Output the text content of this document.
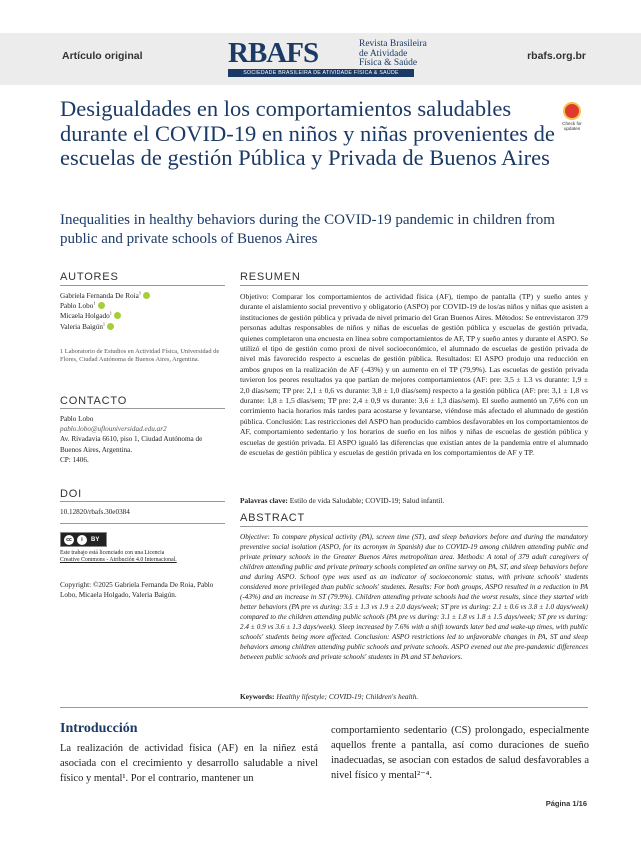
Artículo original	rbafs.org.br
RBAFS	Revista Brasileira de Atividade Física & Saúde
SOCIEDADE BRASILEIRA DE ATIVIDADE FÍSICA & SAÚDE
Desigualdades en los comportamientos saludables durante el COVID-19 en niños y niñas provenientes de escuelas de gestión Pública y Privada de Buenos Aires
Check for updates
Inequalities in healthy behaviors during the COVID-19 pandemic in children from public and private schools of Buenos Aires
AUTORES
Gabriela Fernanda De Roia$^1$
Pablo Lobo$^1$
Micaela Holgado$^1$
Valeria Baigún$^1$
1 Laboratorio de Estudios en Actividad Física, Universidad de Flores, Ciudad Autónoma de Buenos Aires, Argentina.
CONTACTO
Pablo Lobo
pablo.lobo@uflouniversidad.edu.ar2
Av. Rivadavia 6610, piso 1, Ciudad Autónoma de Buenos Aires, Argentina.
CP: 1406.
DOI
10.12820/rbafs.30e0384
cc	i	BY
Este trabajo está licenciado con una Licencia
Creative Commons - Atribución 4.0 Internacional.
Copyright: ©2025 Gabriela Fernanda De Roia, Pablo Lobo, Micaela Holgado, Valeria Baigún.
RESUMEN
Objetivo: Comparar los comportamientos de actividad física (AF), tiempo de pantalla (TP) y sueño antes y durante el aislamiento social preventivo y obligatorio (ASPO) por COVID-19 de los/as niños y niñas que asisten a instituciones de gestión pública y privada de nivel primario del Gran Buenos Aires. Métodos: Se entrevistaron 379 personas adultas responsables de niños y niñas de escuelas de gestión pública y escuelas de gestión privada, quienes completaron una encuesta en línea sobre comportamientos de AF, TP y sueño antes y durante el ASPO. Se utilizó el tipo de gestión como proxi de nivel socioeconómico, el alumnado de escuelas de gestión privada de nivel más favorecido respecto a escuelas de gestión pública. Resultados: El ASPO produjo una reducción en ambos grupos en la realización de AF (-43%) y un aumento en el TP (79,9%). Las escuelas de gestión privada tuvieron los peores resultados ya que partían de mejores comportamientos (AF: pre: 3,5 ± 1.3 vs durante: 1,9 ± 2,0 días/sem; TP pre: 2,1 ± 0,6 vs durante: 3,8 ± 1,0 días/sem) respecto a la gestión pública (AF: pre: 3,1 ± 1,8 vs durante: 1,8 ± 1,5 días/sem; TP pre: 2,4 ± 0,9 vs durante: 3,6 ± 1,3 días/sem). El sueño aumentó un 7,6% con un corrimiento hacia horarios más tardes para acostarse y levantarse, viéndose más afectado el alumnado de gestión pública. Conclusión: Las restricciones del ASPO han producido cambios desfavorables en los comportamientos de AF, comportamiento sedentario y los horarios de sueño en los niños y niñas de escuelas de gestión pública y escuelas de gestión privada. El ASPO igualó las diferencias que existían antes de la pandemia entre el alumnado de escuelas de gestión pública y escuelas de gestión privada en los comportamientos de AF y TP.
Palavras clave: Estilo de vida Saludable; COVID-19; Salud infantil.
ABSTRACT
Objective: To compare physical activity (PA), screen time (ST), and sleep behaviors before and during the mandatory preventive social isolation (ASPO, for its acronym in Spanish) due to COVID-19 among children attending public and private primary schools in the Greater Buenos Aires metropolitan area. Methods: A total of 379 adult caregivers of children attending public and private primary schools completed an online survey on PA, ST, and sleep behaviors before and during ASPO. School type was used as an indicator of socioeconomic status, with private schools' students considered more privileged than public schools' students. Results: For both groups, ASPO resulted in a reduction in PA (-43%) and an increase in ST (79.9%). Children attending private schools had the worst results, since they started with better behaviors (PA pre vs during: 3.5 ± 1.3 vs 1.9 ± 2.0 days/week; ST pre vs during: 2.1 ± 0.6 vs 3.8 ± 1.0 days/week) compared to the children attending public schools (PA pre vs during: 3.1 ± 1.8 vs 1.8 ± 1.5 days/week; ST pre vs during: 2.4 ± 0.9 vs 3.6 ± 1.3 days/week). Sleep increased by 7.6% with a shift towards later bed and wake-up times, with public schools' students being more affected. Conclusion: ASPO restrictions led to unfavorable changes in PA, ST and sleep behaviors among children attending public schools and private schools. ASPO evened out the pre-pandemic differences between public schools and private schools' students in PA and ST behaviors.
Keywords: Healthy lifestyle; COVID-19; Children's health.
Introducción
La realización de actividad física (AF) en la niñez está asociada con el crecimiento y desarrollo saludable a nivel físico y mental¹. Por el contrario, mantener un
comportamiento sedentario (CS) prolongado, especialmente aquellos frente a pantalla, así como duraciones de sueño inadecuadas, se asocian con estados de salud desfavorables a nivel físico y mental²⁻⁴.
Página 1/16
